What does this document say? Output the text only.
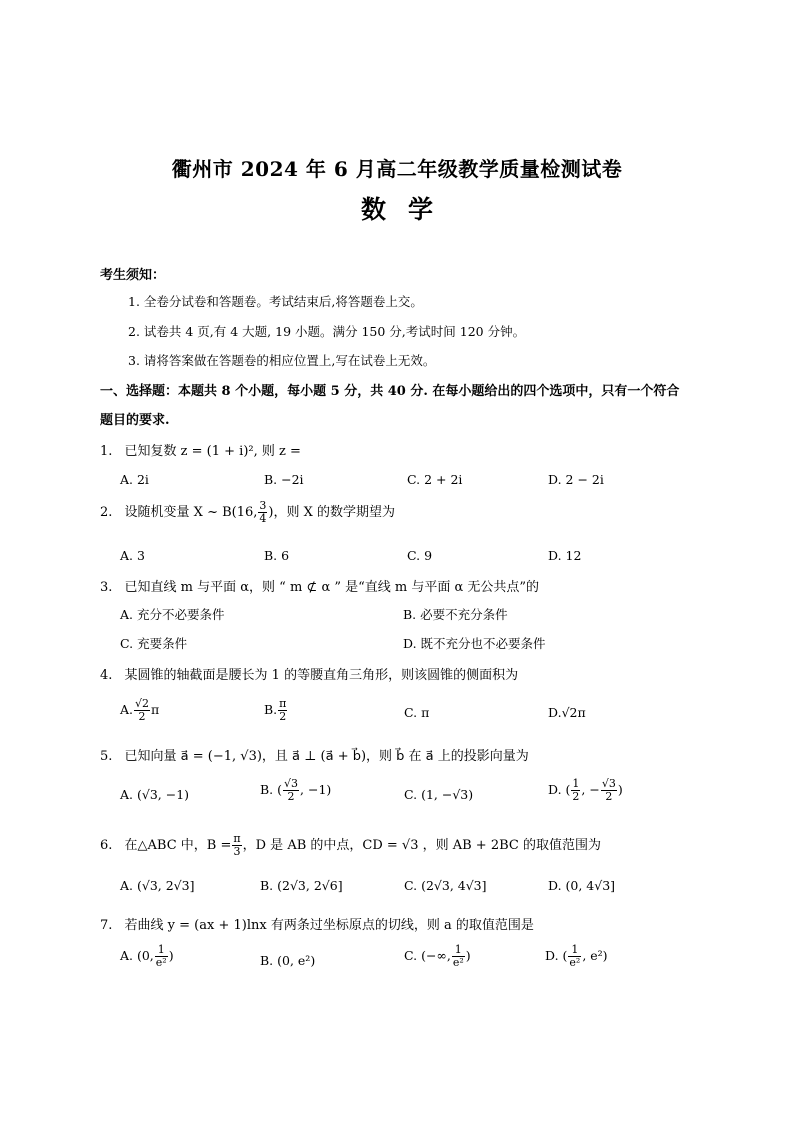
衢州市 2024 年 6 月高二年级教学质量检测试卷
数学
考生须知：
1. 全卷分试卷和答题卷。考试结束后,将答题卷上交。
2. 试卷共 4 页,有 4 大题, 19 小题。满分 150 分,考试时间 120 分钟。
3. 请将答案做在答题卷的相应位置上,写在试卷上无效。
一、选择题：本题共 8 个小题，每小题 5 分，共 40 分. 在每小题给出的四个选项中，只有一个符合
题目的要求.
1. 已知复数 z = (1 + i)², 则 z =
A. 2i	B. −2i	C. 2 + 2i	D. 2 − 2i
2. 设随机变量 X ~ B(16, $\frac{3}{4}$ )，则 X 的数学期望为
A. 3	B. 6	C. 9	D. 12
3. 已知直线 m 与平面 α，则 “ m ⊄ α ” 是“直线 m 与平面 α 无公共点”的
A. 充分不必要条件	B. 必要不充分条件
C. 充要条件	D. 既不充分也不必要条件
4. 某圆锥的轴截面是腰长为 1 的等腰直角三角形，则该圆锥的侧面积为
A. $\frac{√2}{2}$ π	B. $\frac{\pi}{2}$	C. π	D.√2π
5. 已知向量 a⃗ = (−1, √3)，且 a⃗ ⊥ (a⃗ + b⃗)，则 b⃗ 在 a⃗ 上的投影向量为
A. (√3, −1)	B. ( $\frac{√3}{2}$ , −1)	C. (1, −√3)	D. ( $\frac{1}{2}$ , − $\frac{√3}{2}$ )
6. 在△ABC 中，$B = \frac{\pi}{3}$ ，D 是 AB 的中点，CD = √3 ，则 AB + 2BC 的取值范围为
A. (√3, 2√3]	B. (2√3, 2√6]	C. (2√3, 4√3]	D. (0, 4√3]
7. 若曲线 y = (ax + 1)lnx 有两条过坐标原点的切线，则 a 的取值范围是
A. (0, $\frac{1}{\text{e²}}$ )	B. (0, e²)	C. (−∞, $\frac{1}{\text{e²}}$ )	D. ( $\frac{1}{\text{e²}}$ , e²)
